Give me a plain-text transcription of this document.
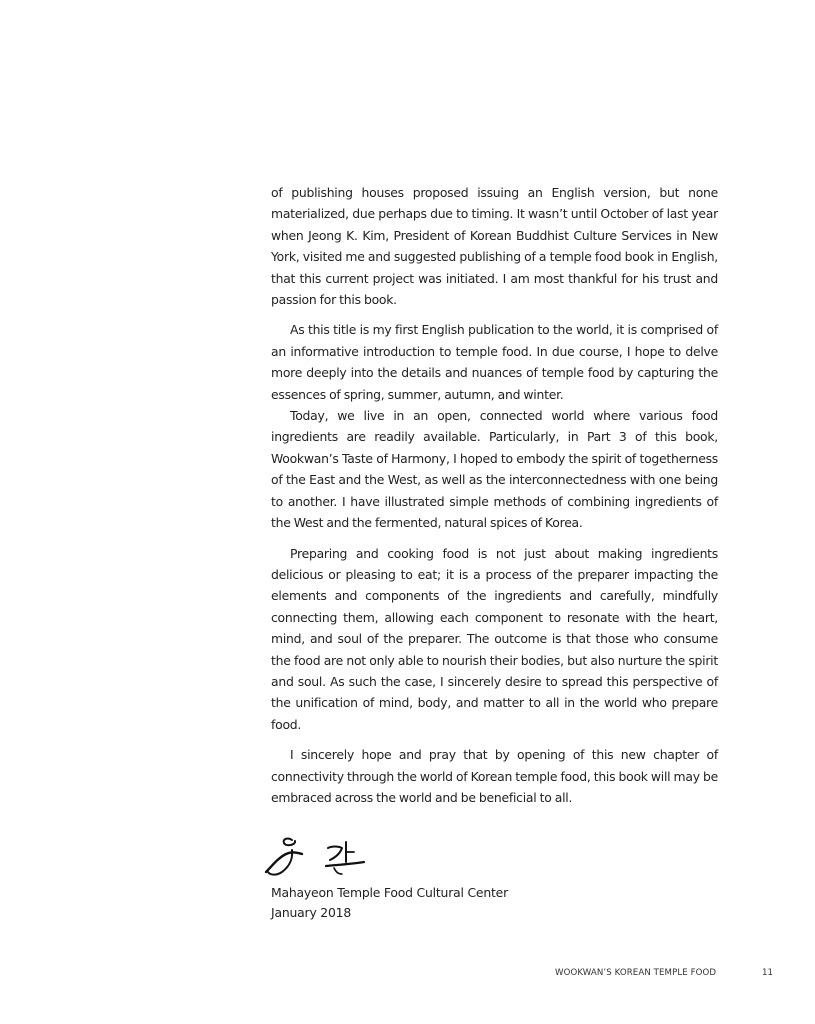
of publishing houses proposed issuing an English version, but none materialized, due perhaps due to timing. It wasn’t until October of last year when Jeong K. Kim, President of Korean Buddhist Culture Services in New York, visited me and suggested publishing of a temple food book in English, that this current project was initiated. I am most thankful for his trust and passion for this book.

As this title is my first English publication to the world, it is comprised of an informative introduction to temple food. In due course, I hope to delve more deeply into the details and nuances of temple food by capturing the essences of spring, summer, autumn, and winter.

Today, we live in an open, connected world where various food ingredients are readily available. Particularly, in Part 3 of this book, Wookwan’s Taste of Harmony, I hoped to embody the spirit of togetherness of the East and the West, as well as the interconnectedness with one being to another. I have illustrated simple methods of combining ingredients of the West and the fermented, natural spices of Korea.

Preparing and cooking food is not just about making ingredients delicious or pleasing to eat; it is a process of the preparer impacting the elements and components of the ingredients and carefully, mindfully connecting them, allowing each component to resonate with the heart, mind, and soul of the preparer. The outcome is that those who consume the food are not only able to nourish their bodies, but also nurture the spirit and soul. As such the case, I sincerely desire to spread this perspective of the unification of mind, body, and matter to all in the world who prepare food.

I sincerely hope and pray that by opening of this new chapter of connectivity through the world of Korean temple food, this book will may be embraced across the world and be beneficial to all.

Mahayeon Temple Food Cultural Center
January 2018
WOOKWAN’S KOREAN TEMPLE FOOD	11
